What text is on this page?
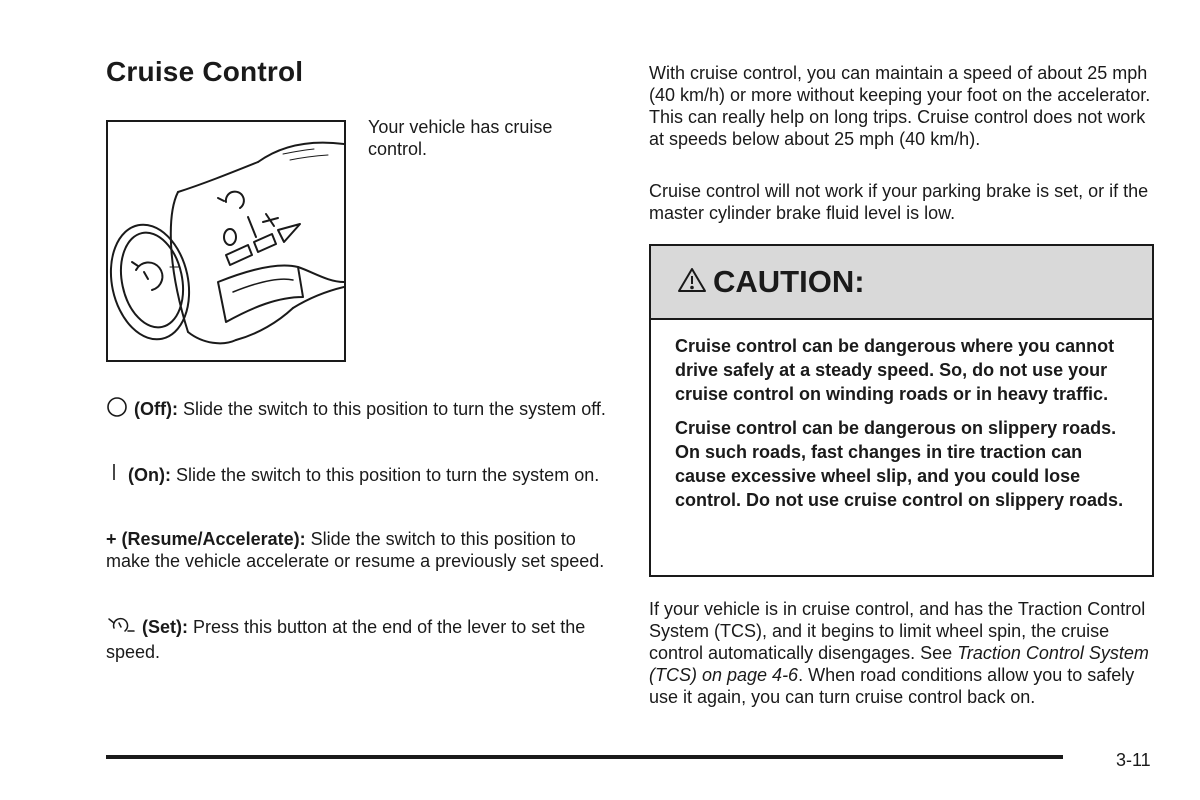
Cruise Control

Your vehicle has cruise control.

(Off): Slide the switch to this position to turn the system off.

(On): Slide the switch to this position to turn the system on.

+ (Resume/Accelerate): Slide the switch to this position to make the vehicle accelerate or resume a previously set speed.

(Set): Press this button at the end of the lever to set the speed.

With cruise control, you can maintain a speed of about 25 mph (40 km/h) or more without keeping your foot on the accelerator. This can really help on long trips. Cruise control does not work at speeds below about 25 mph (40 km/h).

Cruise control will not work if your parking brake is set, or if the master cylinder brake fluid level is low.

CAUTION:

Cruise control can be dangerous where you cannot drive safely at a steady speed. So, do not use your cruise control on winding roads or in heavy traffic.

Cruise control can be dangerous on slippery roads. On such roads, fast changes in tire traction can cause excessive wheel slip, and you could lose control. Do not use cruise control on slippery roads.

If your vehicle is in cruise control, and has the Traction Control System (TCS), and it begins to limit wheel spin, the cruise control automatically disengages. See Traction Control System (TCS) on page 4-6. When road conditions allow you to safely use it again, you can turn cruise control back on.

3-11
